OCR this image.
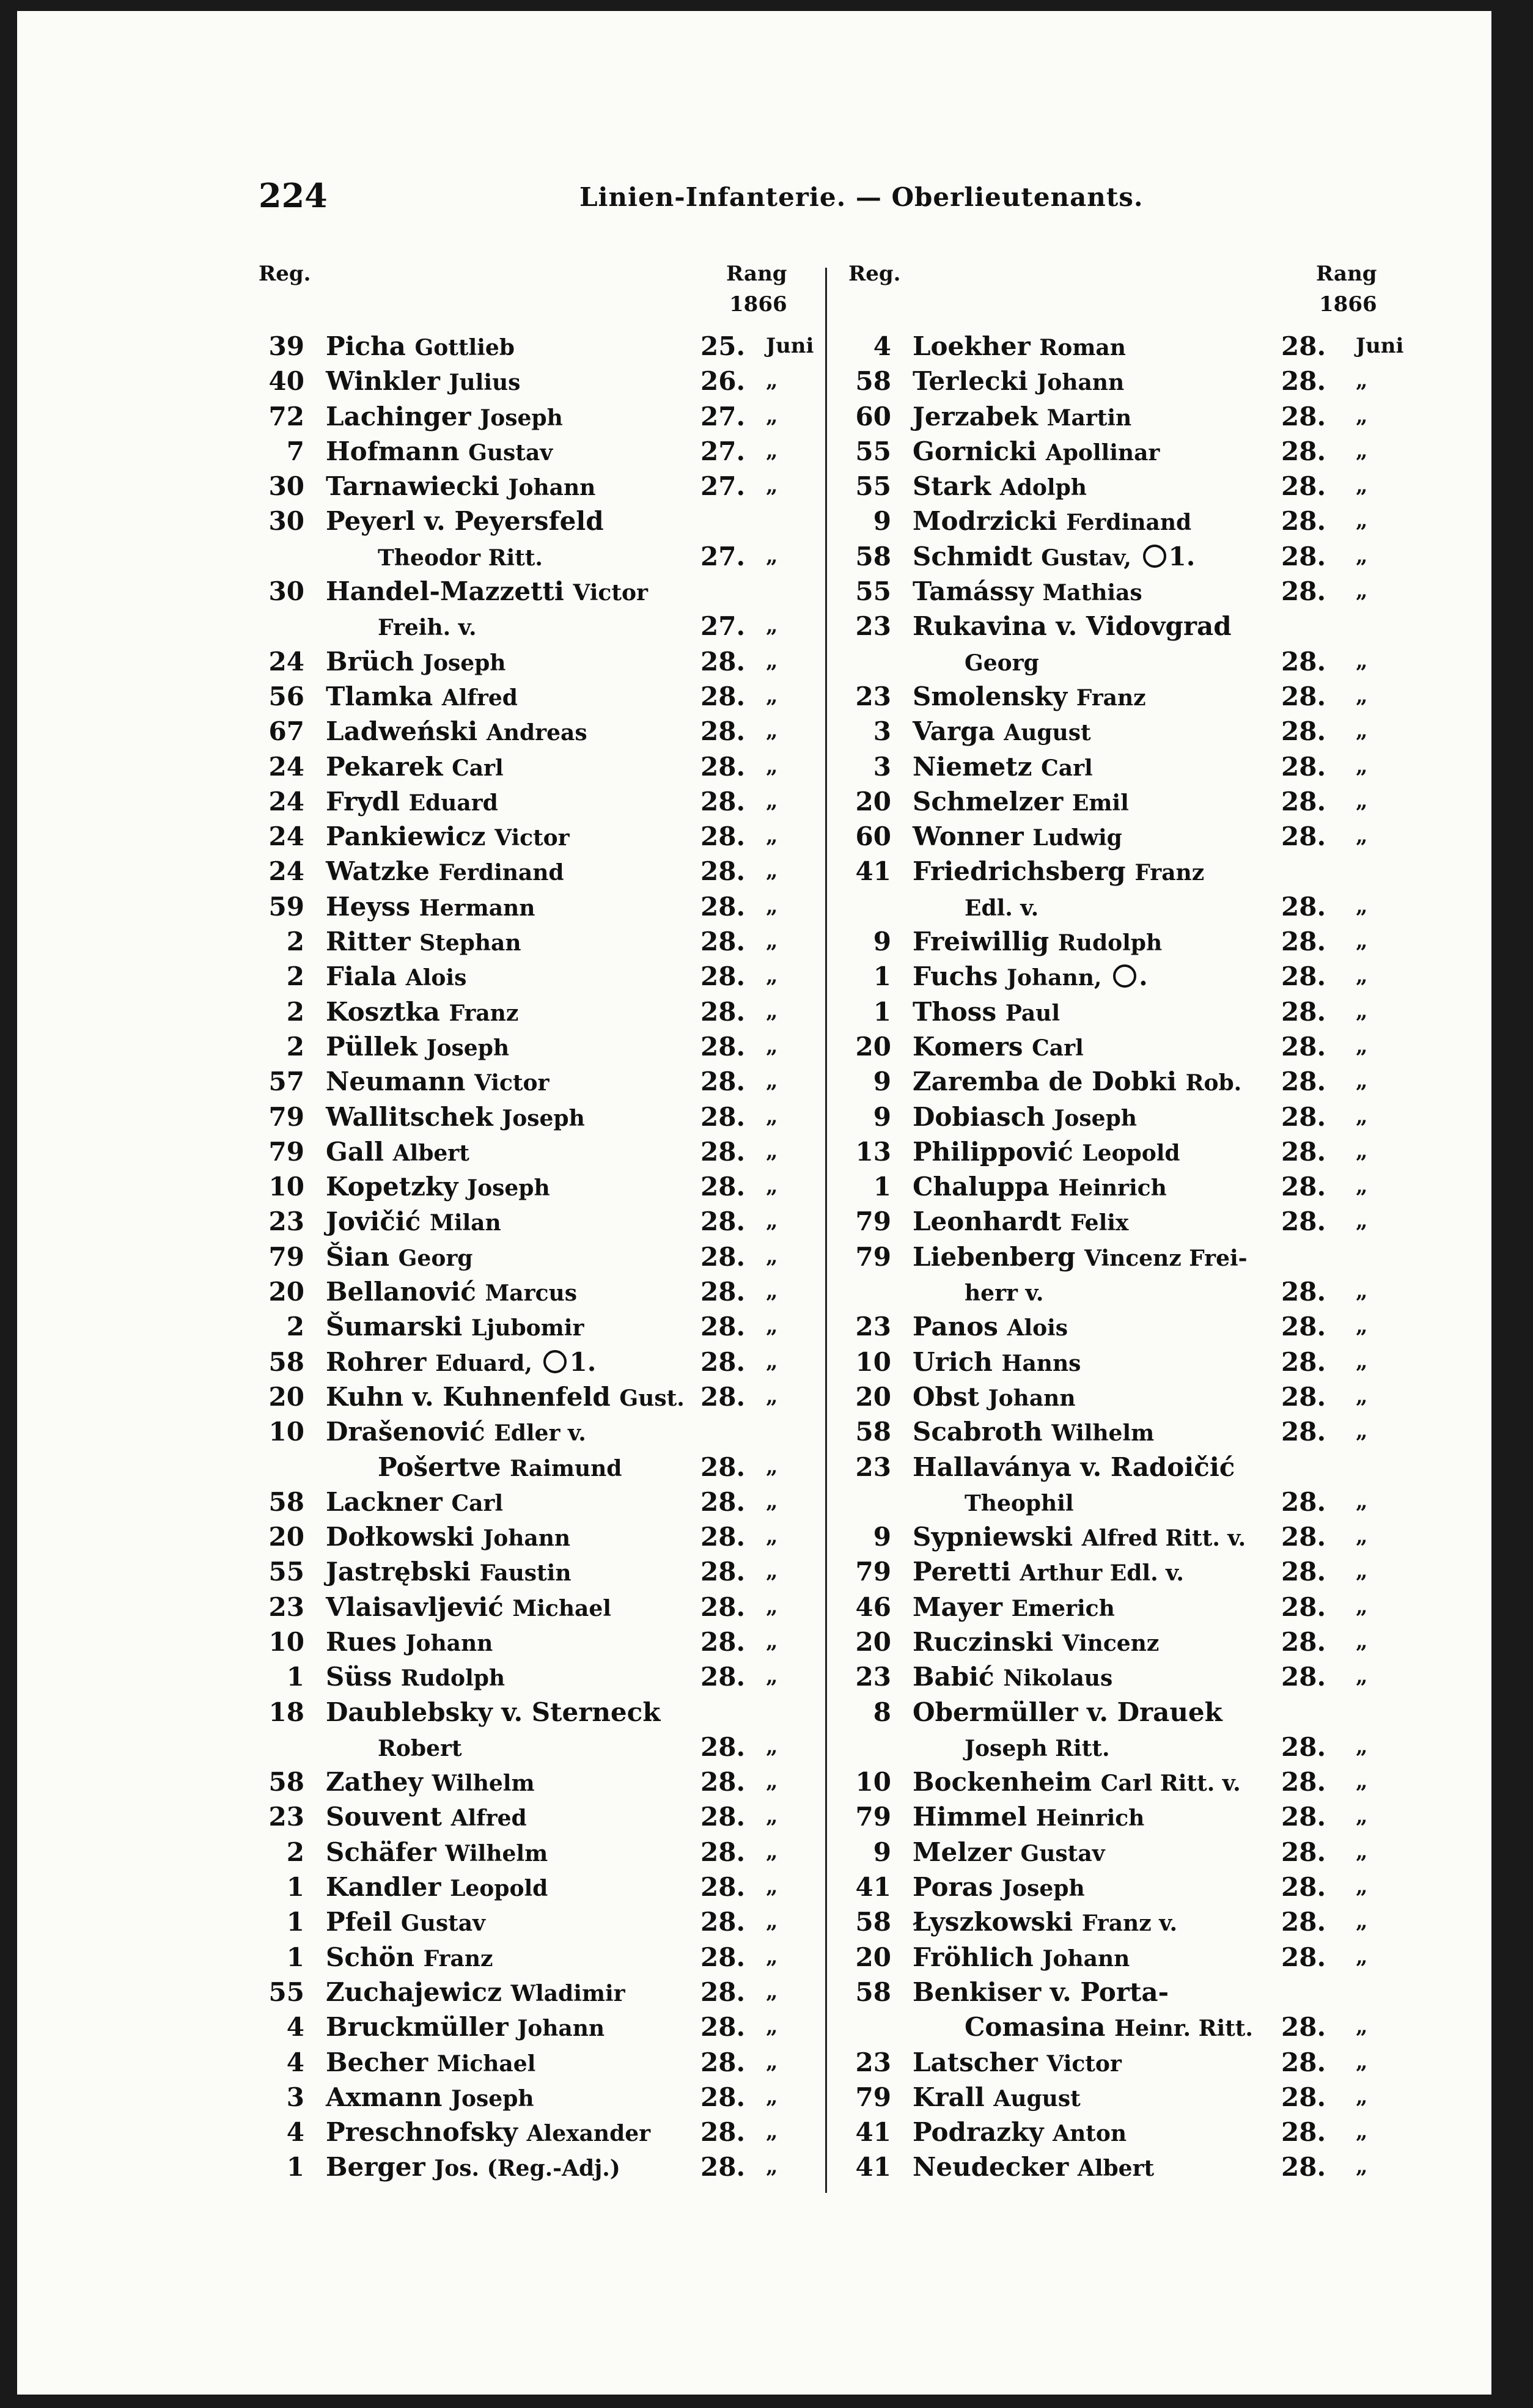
224	Linien-Infanterie. — Oberlieutenants.
Reg.	Rang
1866
Reg.	Rang
1866
39 Picha Gottlieb	25. Juni
40 Winkler Julius	26. „
72 Lachinger Joseph	27. „
7 Hofmann Gustav	27. „
30 Tarnawiecki Johann	27. „
30 Peyerl v. Peyersfeld
Theodor Ritt.	27. „
30 Handel-Mazzetti Victor
Freih. v.	27. „
24 Brüch Joseph	28. „
56 Tlamka Alfred	28. „
67 Ladweński Andreas	28. „
24 Pekarek Carl	28. „
24 Frydl Eduard	28. „
24 Pankiewicz Victor	28. „
24 Watzke Ferdinand	28. „
59 Heyss Hermann	28. „
2 Ritter Stephan	28. „
2 Fiala Alois	28. „
2 Kosztka Franz	28. „
2 Püllek Joseph	28. „
57 Neumann Victor	28. „
79 Wallitschek Joseph	28. „
79 Gall Albert	28. „
10 Kopetzky Joseph	28. „
23 Jovičić Milan	28. „
79 Šian Georg	28. „
20 Bellanović Marcus	28. „
2 Šumarski Ljubomir	28. „
58 Rohrer Eduard, 1.	28. „
20 Kuhn v. Kuhnenfeld Gust. 28. „
10 Drašenović Edler v.
Pošertve Raimund	28. „
58 Lackner Carl	28. „
20 Dołkowski Johann	28. „
55 Jastrębski Faustin	28. „
23 Vlaisavljević Michael	28. „
10 Rues Johann	28. „
1 Süss Rudolph	28. „
18 Daublebsky v. Sterneck
Robert	28. „
58 Zathey Wilhelm	28. „
23 Souvent Alfred	28. „
2 Schäfer Wilhelm	28. „
1 Kandler Leopold	28. „
1 Pfeil Gustav	28. „
1 Schön Franz	28. „
55 Zuchajewicz Wladimir	28. „
4 Bruckmüller Johann	28. „
4 Becher Michael	28. „
3 Axmann Joseph	28. „
4 Preschnofsky Alexander 28. „
1 Berger Jos. (Reg.-Adj.)	28. „
4 Loekher Roman	28. Juni
58 Terlecki Johann	28. „
60 Jerzabek Martin	28. „
55 Gornicki Apollinar	28. „
55 Stark Adolph	28. „
9 Modrzicki Ferdinand	28. „
58 Schmidt Gustav, 1.	28. „
55 Tamássy Mathias	28. „
23 Rukavina v. Vidovgrad
Georg	28. „
23 Smolensky Franz	28. „
3 Varga August	28. „
3 Niemetz Carl	28. „
20 Schmelzer Emil	28. „
60 Wonner Ludwig	28. „
41 Friedrichsberg Franz
Edl. v.	28. „
9 Freiwillig Rudolph	28. „
1 Fuchs Johann, .	28. „
1 Thoss Paul	28. „
20 Komers Carl	28. „
9 Zaremba de Dobki Rob. 28. „
9 Dobiasch Joseph	28. „
13 Philippović Leopold	28. „
1 Chaluppa Heinrich	28. „
79 Leonhardt Felix	28. „
79 Liebenberg Vincenz Frei-
herr v.	28. „
23 Panos Alois	28. „
10 Urich Hanns	28. „
20 Obst Johann	28. „
58 Scabroth Wilhelm	28. „
23 Hallaványa v. Radoičić
Theophil	28. „
9 Sypniewski Alfred Ritt. v. 28. „
79 Peretti Arthur Edl. v.	28. „
46 Mayer Emerich	28. „
20 Ruczinski Vincenz	28. „
23 Babić Nikolaus	28. „
8 Obermüller v. Drauek
Joseph Ritt.	28. „
10 Bockenheim Carl Ritt. v. 28. „
79 Himmel Heinrich	28. „
9 Melzer Gustav	28. „
41 Poras Joseph	28. „
58 Łyszkowski Franz v.	28. „
20 Fröhlich Johann	28. „
58 Benkiser v. Porta-
Comasina Heinr. Ritt. 28. „
23 Latscher Victor	28. „
79 Krall August	28. „
41 Podrazky Anton	28. „
41 Neudecker Albert	28. „
